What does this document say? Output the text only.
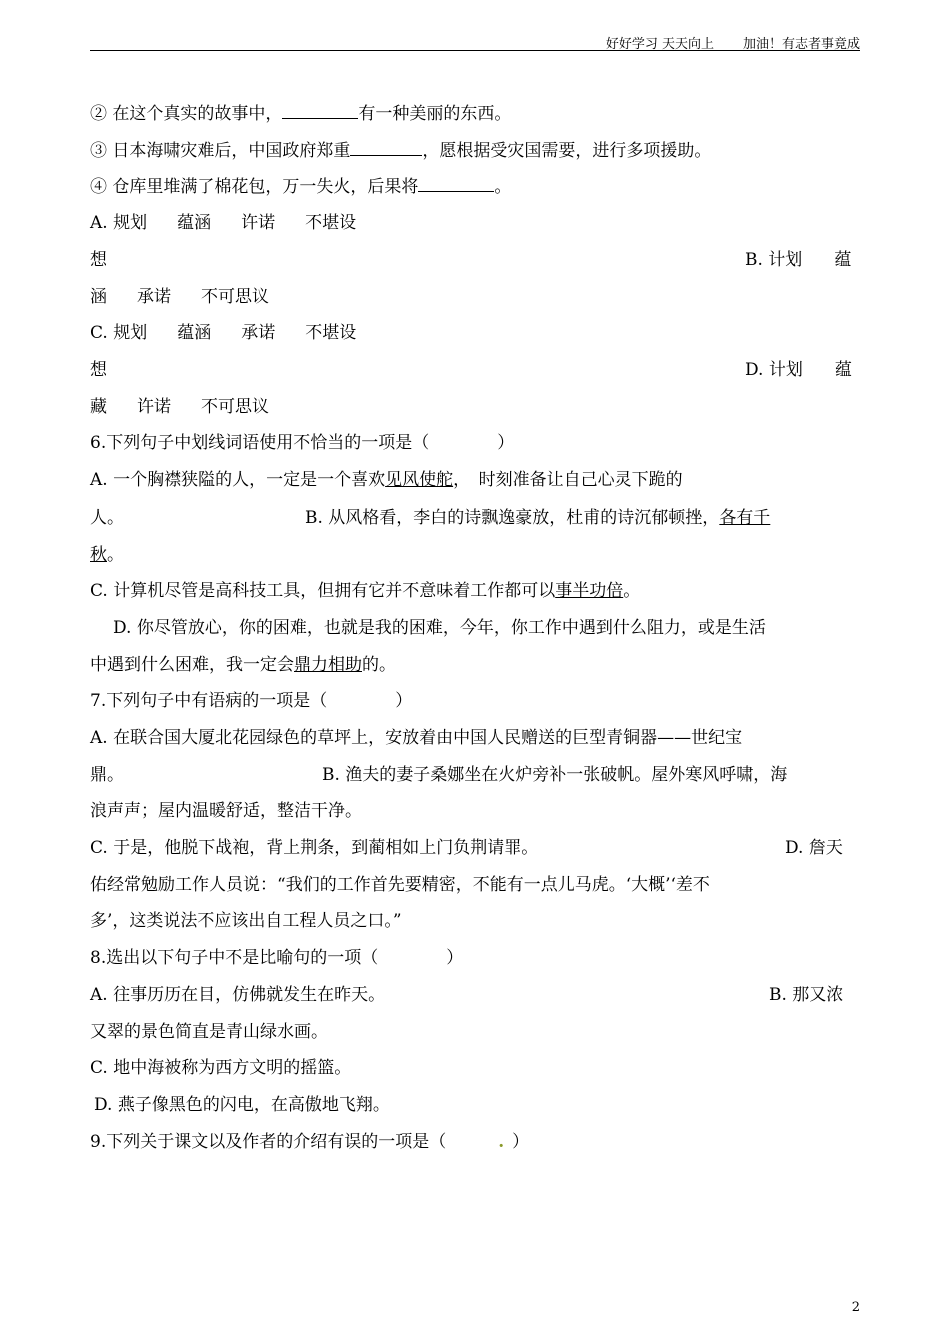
好好学习 天天向上 加油！有志者事竟成
② 在这个真实的故事中，	有一种美丽的东西。
③ 日本海啸灾难后，中国政府郑重	，愿根据受灾国需要，进行多项援助。
④ 仓库里堆满了棉花包，万一失火，后果将	。
A. 规划 蕴涵 许诺 不堪设
想	B. 计划 蕴
涵 承诺 不可思议
C. 规划 蕴涵 承诺 不堪设
想	D. 计划 蕴
藏 许诺 不可思议
6.下列句子中划线词语使用不恰当的一项是（　　　　）
A. 一个胸襟狭隘的人，一定是一个喜欢见风使舵，　时刻准备让自己心灵下跪的
人。	B. 从风格看，李白的诗飘逸豪放，杜甫的诗沉郁顿挫，各有千
秋。
C. 计算机尽管是高科技工具，但拥有它并不意味着工作都可以事半功倍。
D. 你尽管放心，你的困难，也就是我的困难，今年，你工作中遇到什么阻力，或是生活
中遇到什么困难，我一定会鼎力相助的。
7.下列句子中有语病的一项是（　　　　）
A. 在联合国大厦北花园绿色的草坪上，安放着由中国人民赠送的巨型青铜器——世纪宝
鼎。	B. 渔夫的妻子桑娜坐在火炉旁补一张破帆。屋外寒风呼啸，海
浪声声；屋内温暖舒适，整洁干净。
C. 于是，他脱下战袍，背上荆条，到蔺相如上门负荆请罪。	D. 詹天
佑经常勉励工作人员说：“我们的工作首先要精密，不能有一点儿马虎。‘大概’‘差不
多’，这类说法不应该出自工程人员之口。”
8.选出以下句子中不是比喻句的一项（　　　　）
A. 往事历历在目，仿佛就发生在昨天。	B. 那又浓
又翠的景色简直是青山绿水画。
C. 地中海被称为西方文明的摇篮。
D. 燕子像黑色的闪电，在高傲地飞翔。
9.下列关于课文以及作者的介绍有误的一项是（	. ）
2
